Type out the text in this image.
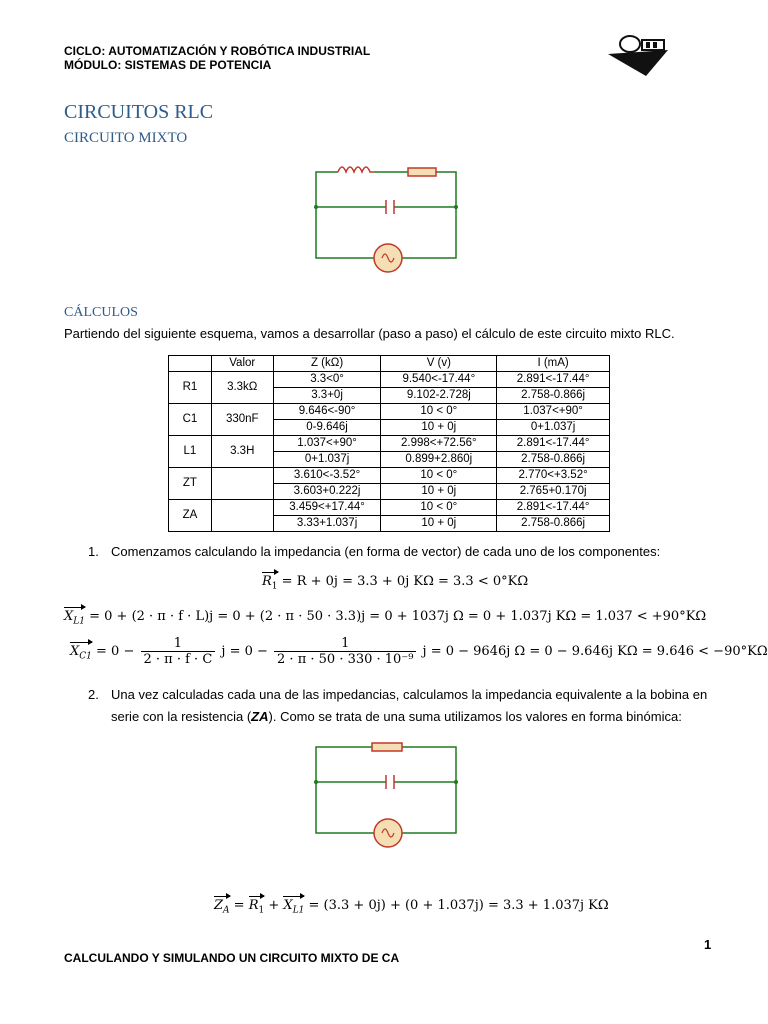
CICLO: AUTOMATIZACIÓN Y ROBÓTICA INDUSTRIAL
MÓDULO: SISTEMAS DE POTENCIA
CIRCUITOS RLC
CIRCUITO MIXTO
CÁLCULOS
Partiendo del siguiente esquema, vamos a desarrollar (paso a paso) el cálculo de este circuito mixto RLC.
	Valor	Z (kΩ)	V (v)	I (mA)
R1	3.3kΩ	3.3<0°	9.540<-17.44°	2.891<-17.44°
		3.3+0j	9.102-2.728j	2.758-0.866j
C1	330nF	9.646<-90°	10 < 0°	1.037<+90°
		0-9.646j	10 + 0j	0+1.037j
L1	3.3H	1.037<+90°	2.998<+72.56°	2.891<-17.44°
		0+1.037j	0.899+2.860j	2.758-0.866j
ZT		3.610<-3.52°	10 < 0°	2.770<+3.52°
		3.603+0.222j	10 + 0j	2.765+0.170j
ZA		3.459<+17.44°	10 < 0°	2.891<-17.44°
		3.33+1.037j	10 + 0j	2.758-0.866j
1. Comenzamos calculando la impedancia (en forma de vector) de cada uno de los componentes:
$R_1 = R + 0j = 3.3 + 0j$ KΩ = 3.3 < 0°KΩ
$X_{L1} = 0 + (2 \cdot \pi \cdot f \cdot L)j = 0 + (2 \cdot \pi \cdot 50 \cdot 3.3)j = 0 + 1037j$ Ω = 0 + 1.037j KΩ = 1.037 < +90°KΩ
$X_{C1} = 0 - \frac{1}{2 \cdot \pi \cdot f \cdot C}$ $j = 0 - \frac{1}{\text{2 · π · 50 · 330 · 10⁻⁹}}$ j = 0 − 9646j Ω = 0 − 9.646j KΩ = 9.646 < −90°KΩ
2. Una vez calculadas cada una de las impedancias, calculamos la impedancia equivalente a la bobina en
serie con la resistencia (ZA). Como se trata de una suma utilizamos los valores en forma binómica:
$Z_A = R_1 + X_{L1} = (3.3 + 0j) + (0 + 1.037j) = 3.3 + 1.037j$ KΩ
1
CALCULANDO Y SIMULANDO UN CIRCUITO MIXTO DE CA
